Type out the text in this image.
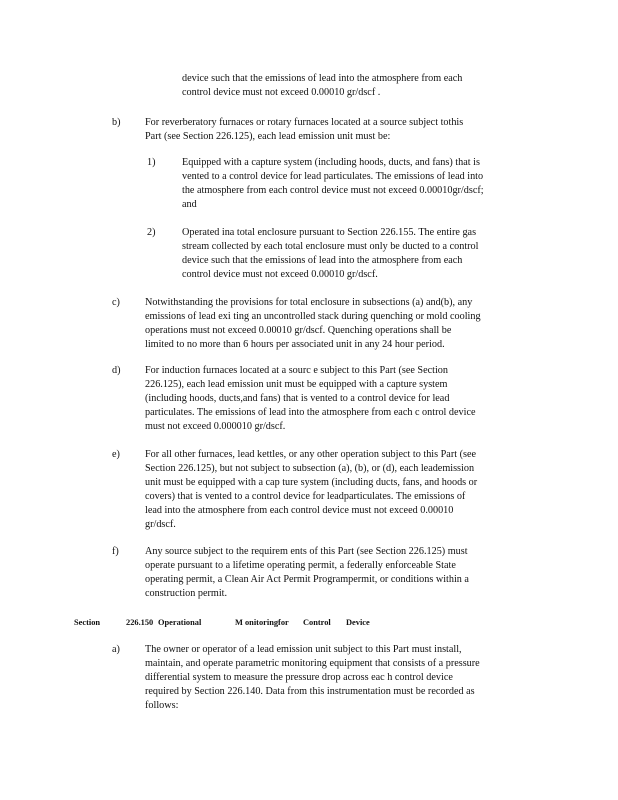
device such that the emissions of lead into the atmosphere from each
control device must not exceed 0.00010 gr/dscf .
b) For reverberatory furnaces or rotary furnaces located at a source subject tothis
Part (see Section 226.125), each lead emission unit must be:
1)	Equipped with a capture system (including hoods, ducts, and fans) that is
vented to a control device for lead particulates. The emissions of lead into
the atmosphere from each control device must not exceed 0.00010gr/dscf;
and
2)	Operated ina total enclosure pursuant to Section 226.155. The entire gas
stream collected by each total enclosure must only be ducted to a control
device such that the emissions of lead into the atmosphere from each
control device must not exceed 0.00010 gr/dscf.
c) Notwithstanding the provisions for total enclosure in subsections (a) and(b), any
emissions of lead exi ting an uncontrolled stack during quenching or mold cooling
operations must not exceed 0.00010 gr/dscf. Quenching operations shall be
limited to no more than 6 hours per associated unit in any 24 hour period.
d) For induction furnaces located at a sourc e subject to this Part (see Section
226.125), each lead emission unit must be equipped with a capture system
(including hoods, ducts,and fans) that is vented to a control device for lead
particulates. The emissions of lead into the atmosphere from each c ontrol device
must not exceed 0.000010 gr/dscf.
e) For all other furnaces, lead kettles, or any other operation subject to this Part (see
Section 226.125), but not subject to subsection (a), (b), or (d), each leademission
unit must be equipped with a cap ture system (including ducts, fans, and hoods or
covers) that is vented to a control device for leadparticulates. The emissions of
lead into the atmosphere from each control device must not exceed 0.00010
gr/dscf.
f)	Any source subject to the requirem ents of this Part (see Section 226.125) must
operate pursuant to a lifetime operating permit, a federally enforceable State
operating permit, a Clean Air Act Permit Programpermit, or conditions within a
construction permit.
Section	226.150 Operational	M onitoringfor Control Device
a) The owner or operator of a lead emission unit subject to this Part must install,
maintain, and operate parametric monitoring equipment that consists of a pressure
differential system to measure the pressure drop across eac h control device
required by Section 226.140. Data from this instrumentation must be recorded as
follows:
